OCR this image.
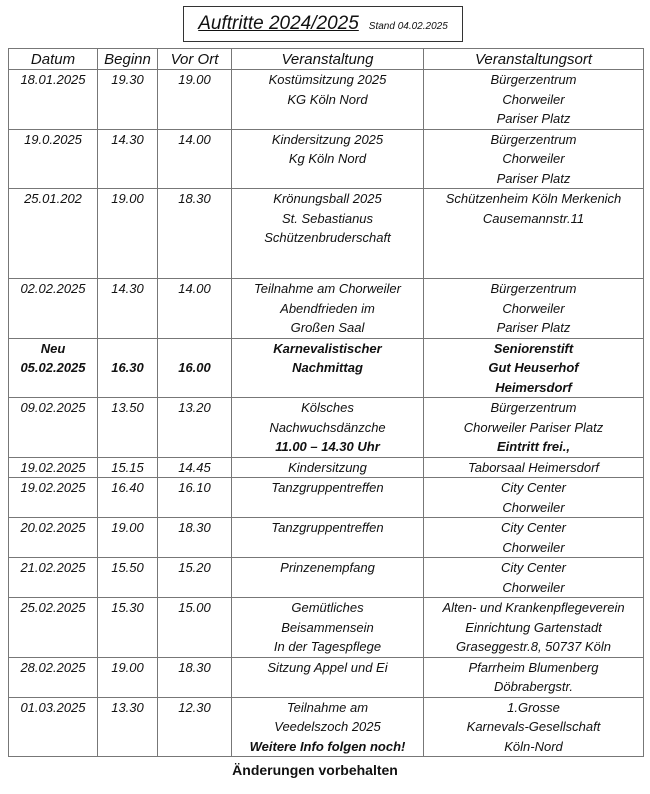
Auftritte 2024/2025 Stand 04.02.2025
Datum	Beginn	Vor Ort	Veranstaltung	Veranstaltungsort

18.01.2025	19.30	19.00	Kostümsitzung 2025
KG Köln Nord	Bürgerzentrum
Chorweiler
Pariser Platz

19.0.2025	14.30	14.00	Kindersitzung 2025
Kg Köln Nord	Bürgerzentrum
Chorweiler
Pariser Platz

25.01.202	19.00	18.30	Krönungsball 2025
St. Sebastianus
Schützenbruderschaft	Schützenheim Köln Merkenich
Causemannstr.11

02.02.2025	14.30	14.00	Teilnahme am Chorweiler
Abendfrieden im
Großen Saal	Bürgerzentrum
Chorweiler
Pariser Platz

Neu
05.02.2025	16.30	16.00	Karnevalistischer
Nachmittag	Seniorenstift
Gut Heuserhof
Heimersdorf

09.02.2025	13.50	13.20	Kölsches
Nachwuchsdänzche
11.00 – 14.30 Uhr	Bürgerzentrum
Chorweiler Pariser Platz
Eintritt frei.,

19.02.2025	15.15	14.45	Kindersitzung	Taborsaal Heimersdorf

19.02.2025	16.40	16.10	Tanzgruppentreffen	City Center
Chorweiler

20.02.2025	19.00	18.30	Tanzgruppentreffen	City Center
Chorweiler

21.02.2025	15.50	15.20	Prinzenempfang	City Center
Chorweiler

25.02.2025	15.30	15.00	Gemütliches
Beisammensein
In der Tagespflege	Alten- und Krankenpflegeverein
Einrichtung Gartenstadt
Graseggestr.8, 50737 Köln

28.02.2025	19.00	18.30	Sitzung Appel und Ei	Pfarrheim Blumenberg
Döbrabergstr.

01.03.2025	13.30	12.30	Teilnahme am
Veedelszoch 2025
Weitere Info folgen noch!	1.Grosse
Karnevals-Gesellschaft
Köln-Nord
Änderungen vorbehalten
